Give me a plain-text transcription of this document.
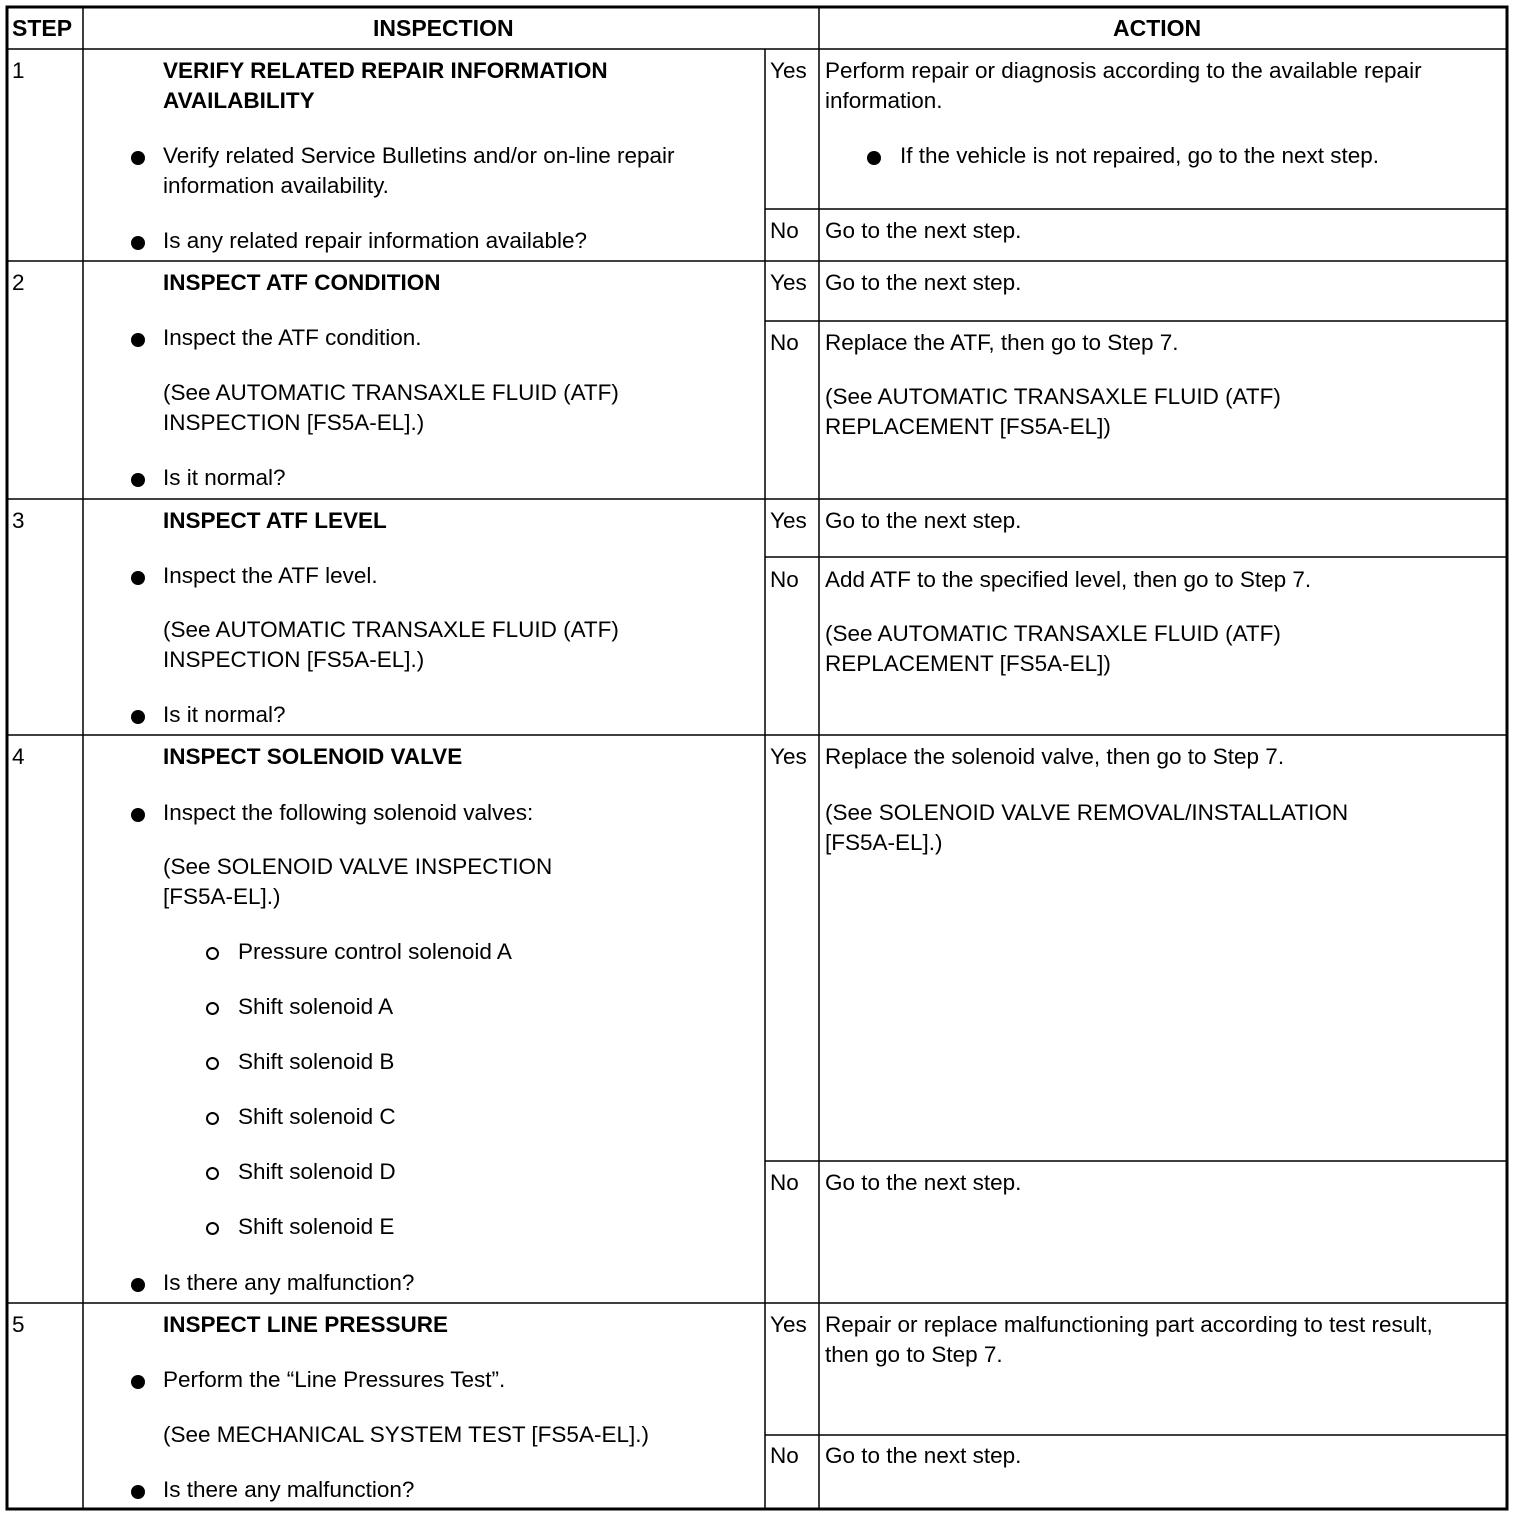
STEP	INSPECTION	ACTION
1	VERIFY RELATED REPAIR INFORMATION
AVAILABILITY
Verify related Service Bulletins and/or on-line repair
information availability.
Is any related repair information available?
Yes Perform repair or diagnosis according to the available repair
information.
If the vehicle is not repaired, go to the next step.
No Go to the next step.
2	INSPECT ATF CONDITION
Inspect the ATF condition.
(See AUTOMATIC TRANSAXLE FLUID (ATF)
INSPECTION [FS5A-EL].)
Is it normal?
Yes Go to the next step.
No Replace the ATF, then go to Step 7.
(See AUTOMATIC TRANSAXLE FLUID (ATF)
REPLACEMENT [FS5A-EL])
3	INSPECT ATF LEVEL
Inspect the ATF level.
(See AUTOMATIC TRANSAXLE FLUID (ATF)
INSPECTION [FS5A-EL].)
Is it normal?
Yes Go to the next step.
No Add ATF to the specified level, then go to Step 7.
(See AUTOMATIC TRANSAXLE FLUID (ATF)
REPLACEMENT [FS5A-EL])
4	INSPECT SOLENOID VALVE
Inspect the following solenoid valves:
(See SOLENOID VALVE INSPECTION
[FS5A-EL].)
Pressure control solenoid A
Shift solenoid A
Shift solenoid B
Shift solenoid C
Shift solenoid D
Shift solenoid E
Is there any malfunction?
Yes Replace the solenoid valve, then go to Step 7.
(See SOLENOID VALVE REMOVAL/INSTALLATION
[FS5A-EL].)
No Go to the next step.
5	INSPECT LINE PRESSURE
Perform the “Line Pressures Test”.
(See MECHANICAL SYSTEM TEST [FS5A-EL].)
Is there any malfunction?
Yes Repair or replace malfunctioning part according to test result,
then go to Step 7.
No Go to the next step.
